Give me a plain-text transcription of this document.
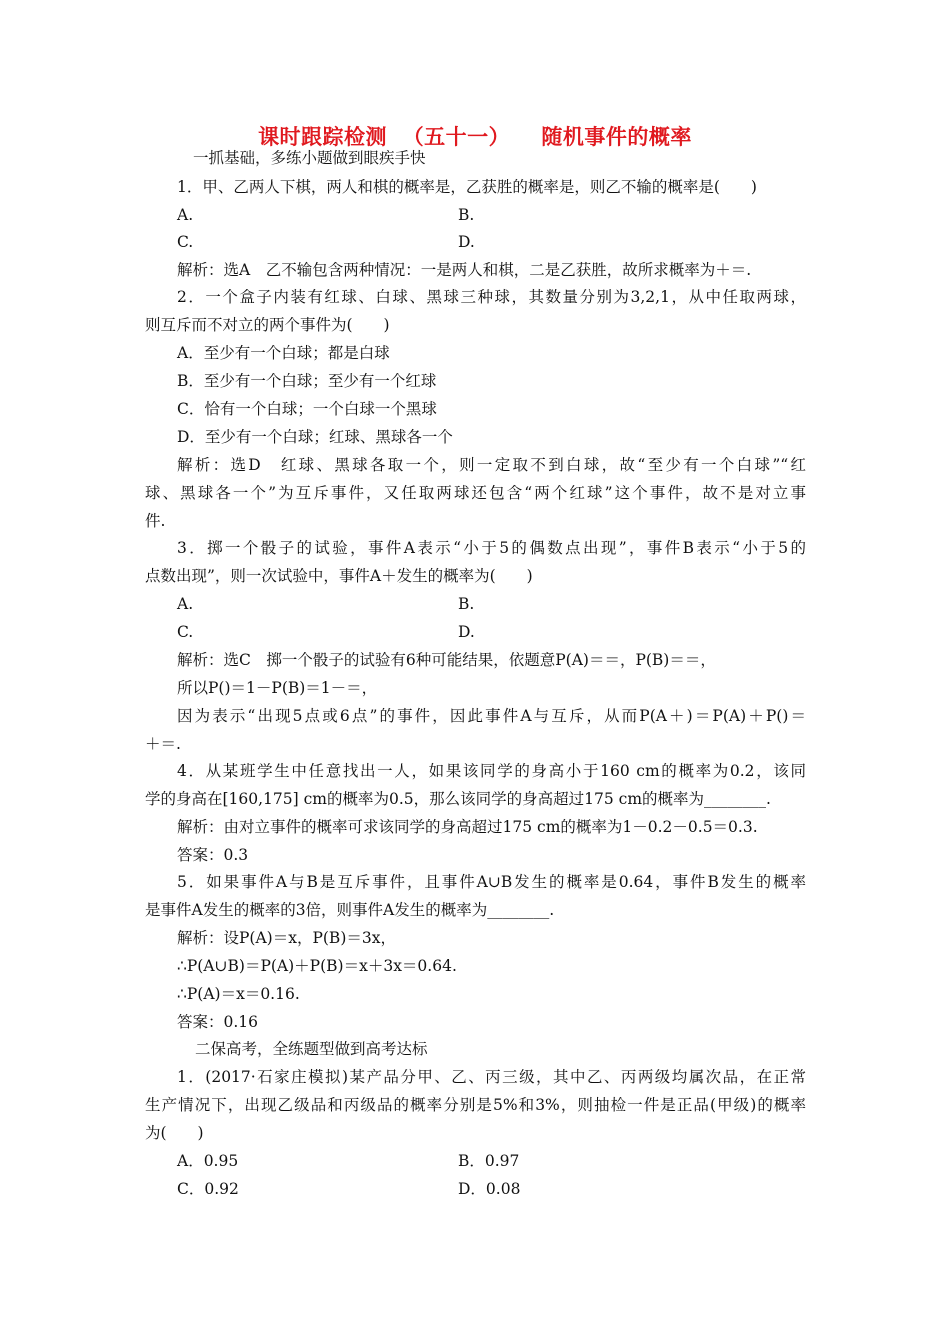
课时跟踪检测  （五十一）    随机事件的概率
一抓基础，多练小题做到眼疾手快
1．甲、乙两人下棋，两人和棋的概率是，乙获胜的概率是，则乙不输的概率是(　　)
A.	B.
C.	D.
解析：选A　乙不输包含两种情况：一是两人和棋，二是乙获胜，故所求概率为＋＝.
2．一个盒子内装有红球、白球、黑球三种球，其数量分别为3,2,1，从中任取两球，
则互斥而不对立的两个事件为(　　)
A．至少有一个白球；都是白球
B．至少有一个白球；至少有一个红球
C．恰有一个白球；一个白球一个黑球
D．至少有一个白球；红球、黑球各一个
解析：选D　红球、黑球各取一个，则一定取不到白球，故“至少有一个白球”“红
球、黑球各一个”为互斥事件，又任取两球还包含“两个红球”这个事件，故不是对立事
件.
3．掷一个骰子的试验，事件A表示“小于5的偶数点出现”，事件B表示“小于5的
点数出现”，则一次试验中，事件A＋发生的概率为(　　)
A.	B.
C.	D.
解析：选C　掷一个骰子的试验有6种可能结果，依题意P(A)＝＝，P(B)＝＝，
所以P()＝1－P(B)＝1－＝，
因为表示“出现5点或6点”的事件，因此事件A与互斥，从而P(A＋)＝P(A)＋P()＝
＋＝.
4．从某班学生中任意找出一人，如果该同学的身高小于160 cm的概率为0.2，该同
学的身高在[160,175] cm的概率为0.5，那么该同学的身高超过175 cm的概率为________.
解析：由对立事件的概率可求该同学的身高超过175 cm的概率为1－0.2－0.5＝0.3.
答案：0.3
5．如果事件A与B是互斥事件，且事件A∪B发生的概率是0.64，事件B发生的概率
是事件A发生的概率的3倍，则事件A发生的概率为________.
解析：设P(A)＝x，P(B)＝3x，
∴P(A∪B)＝P(A)＋P(B)＝x＋3x＝0.64.
∴P(A)＝x＝0.16.
答案：0.16
二保高考，全练题型做到高考达标
1．(2017·石家庄模拟)某产品分甲、乙、丙三级，其中乙、丙两级均属次品，在正常
生产情况下，出现乙级品和丙级品的概率分别是5%和3%，则抽检一件是正品(甲级)的概率
为(　　)
A．0.95	B．0.97
C．0.92	D．0.08
